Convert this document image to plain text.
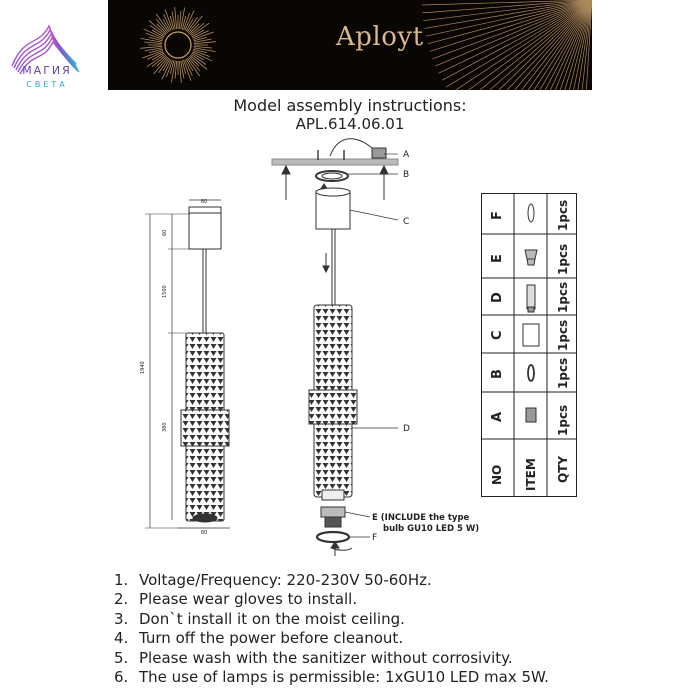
МАГИЯ
СВЕТА
Aployt
Model assembly instructions:
APL.614.06.01
60
60
60
1500
1940
380
A
B
C
D
E (INCLUDE the type
bulb GU10 LED 5 W)
F
F
E
D
C
B
A
NO ITEM
1pcs
1pcs
1pcs
1pcs
1pcs
1pcs
QTY
1. Voltage/Frequency: 220-230V 50-60Hz.
2. Please wear gloves to install.
3. Don`t install it on the moist ceiling.
4. Turn off the power before cleanout.
5. Please wash with the sanitizer without corrosivity.
6. The use of lamps is permissible: 1xGU10 LED max 5W.
